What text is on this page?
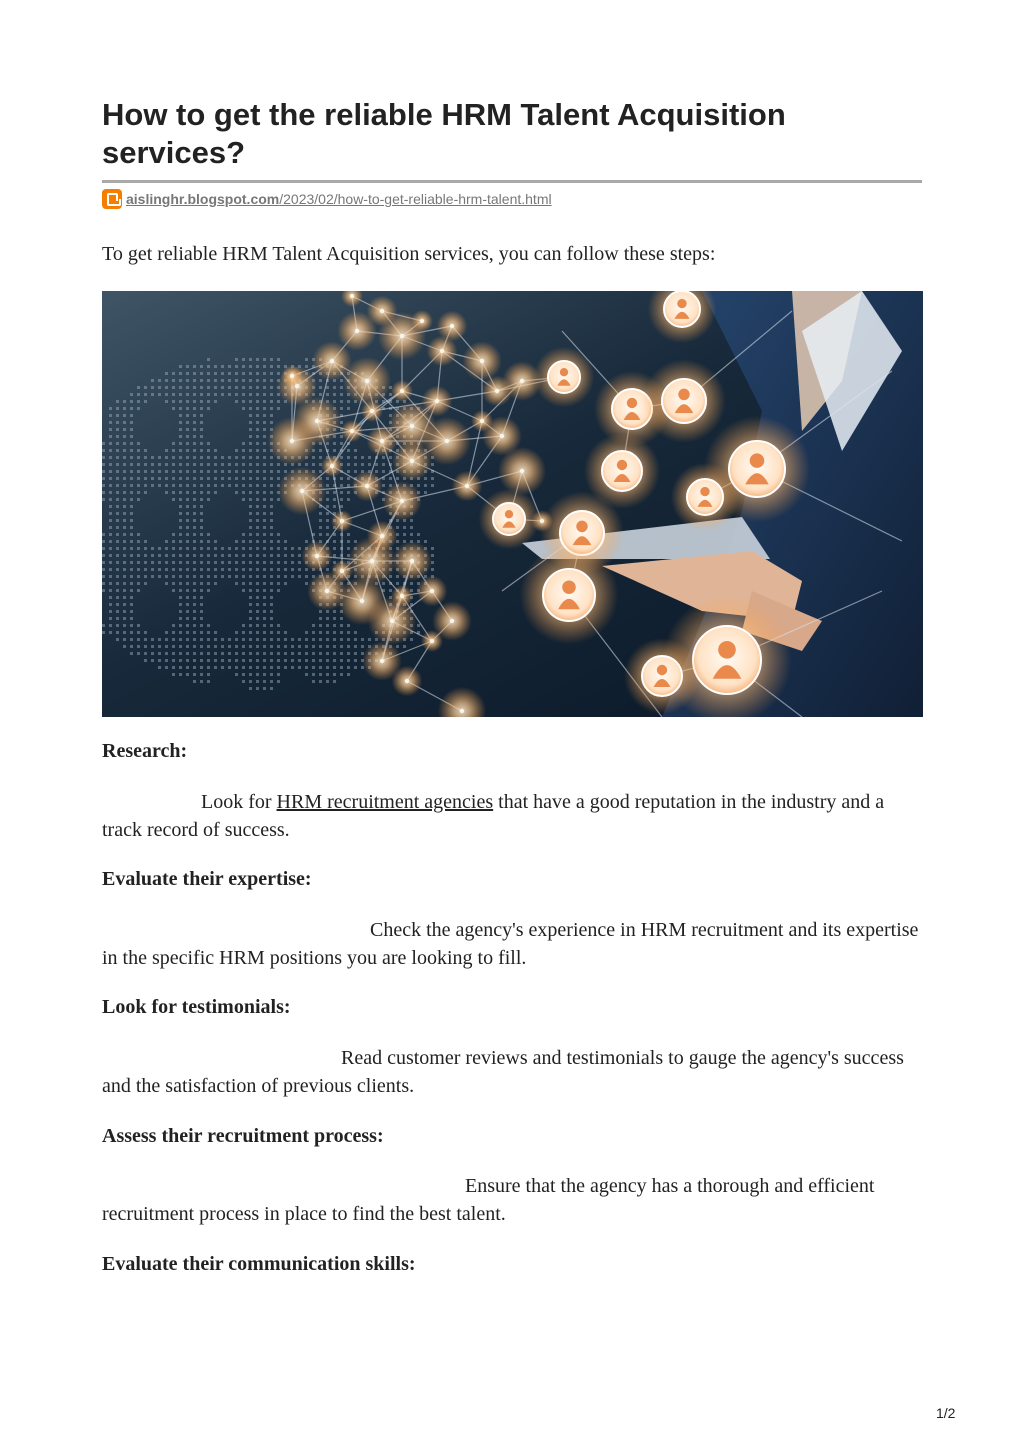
How to get the reliable HRM Talent Acquisition services?
aislinghr.blogspot.com/2023/02/how-to-get-reliable-hrm-talent.html

To get reliable HRM Talent Acquisition services, you can follow these steps:

Research:

Look for HRM recruitment agencies that have a good reputation in the industry and a track record of success.

Evaluate their expertise:

Check the agency's experience in HRM recruitment and its expertise in the specific HRM positions you are looking to fill.

Look for testimonials:

Read customer reviews and testimonials to gauge the agency's success and the satisfaction of previous clients.

Assess their recruitment process:

Ensure that the agency has a thorough and efficient recruitment process in place to find the best talent.

Evaluate their communication skills:
1/2
